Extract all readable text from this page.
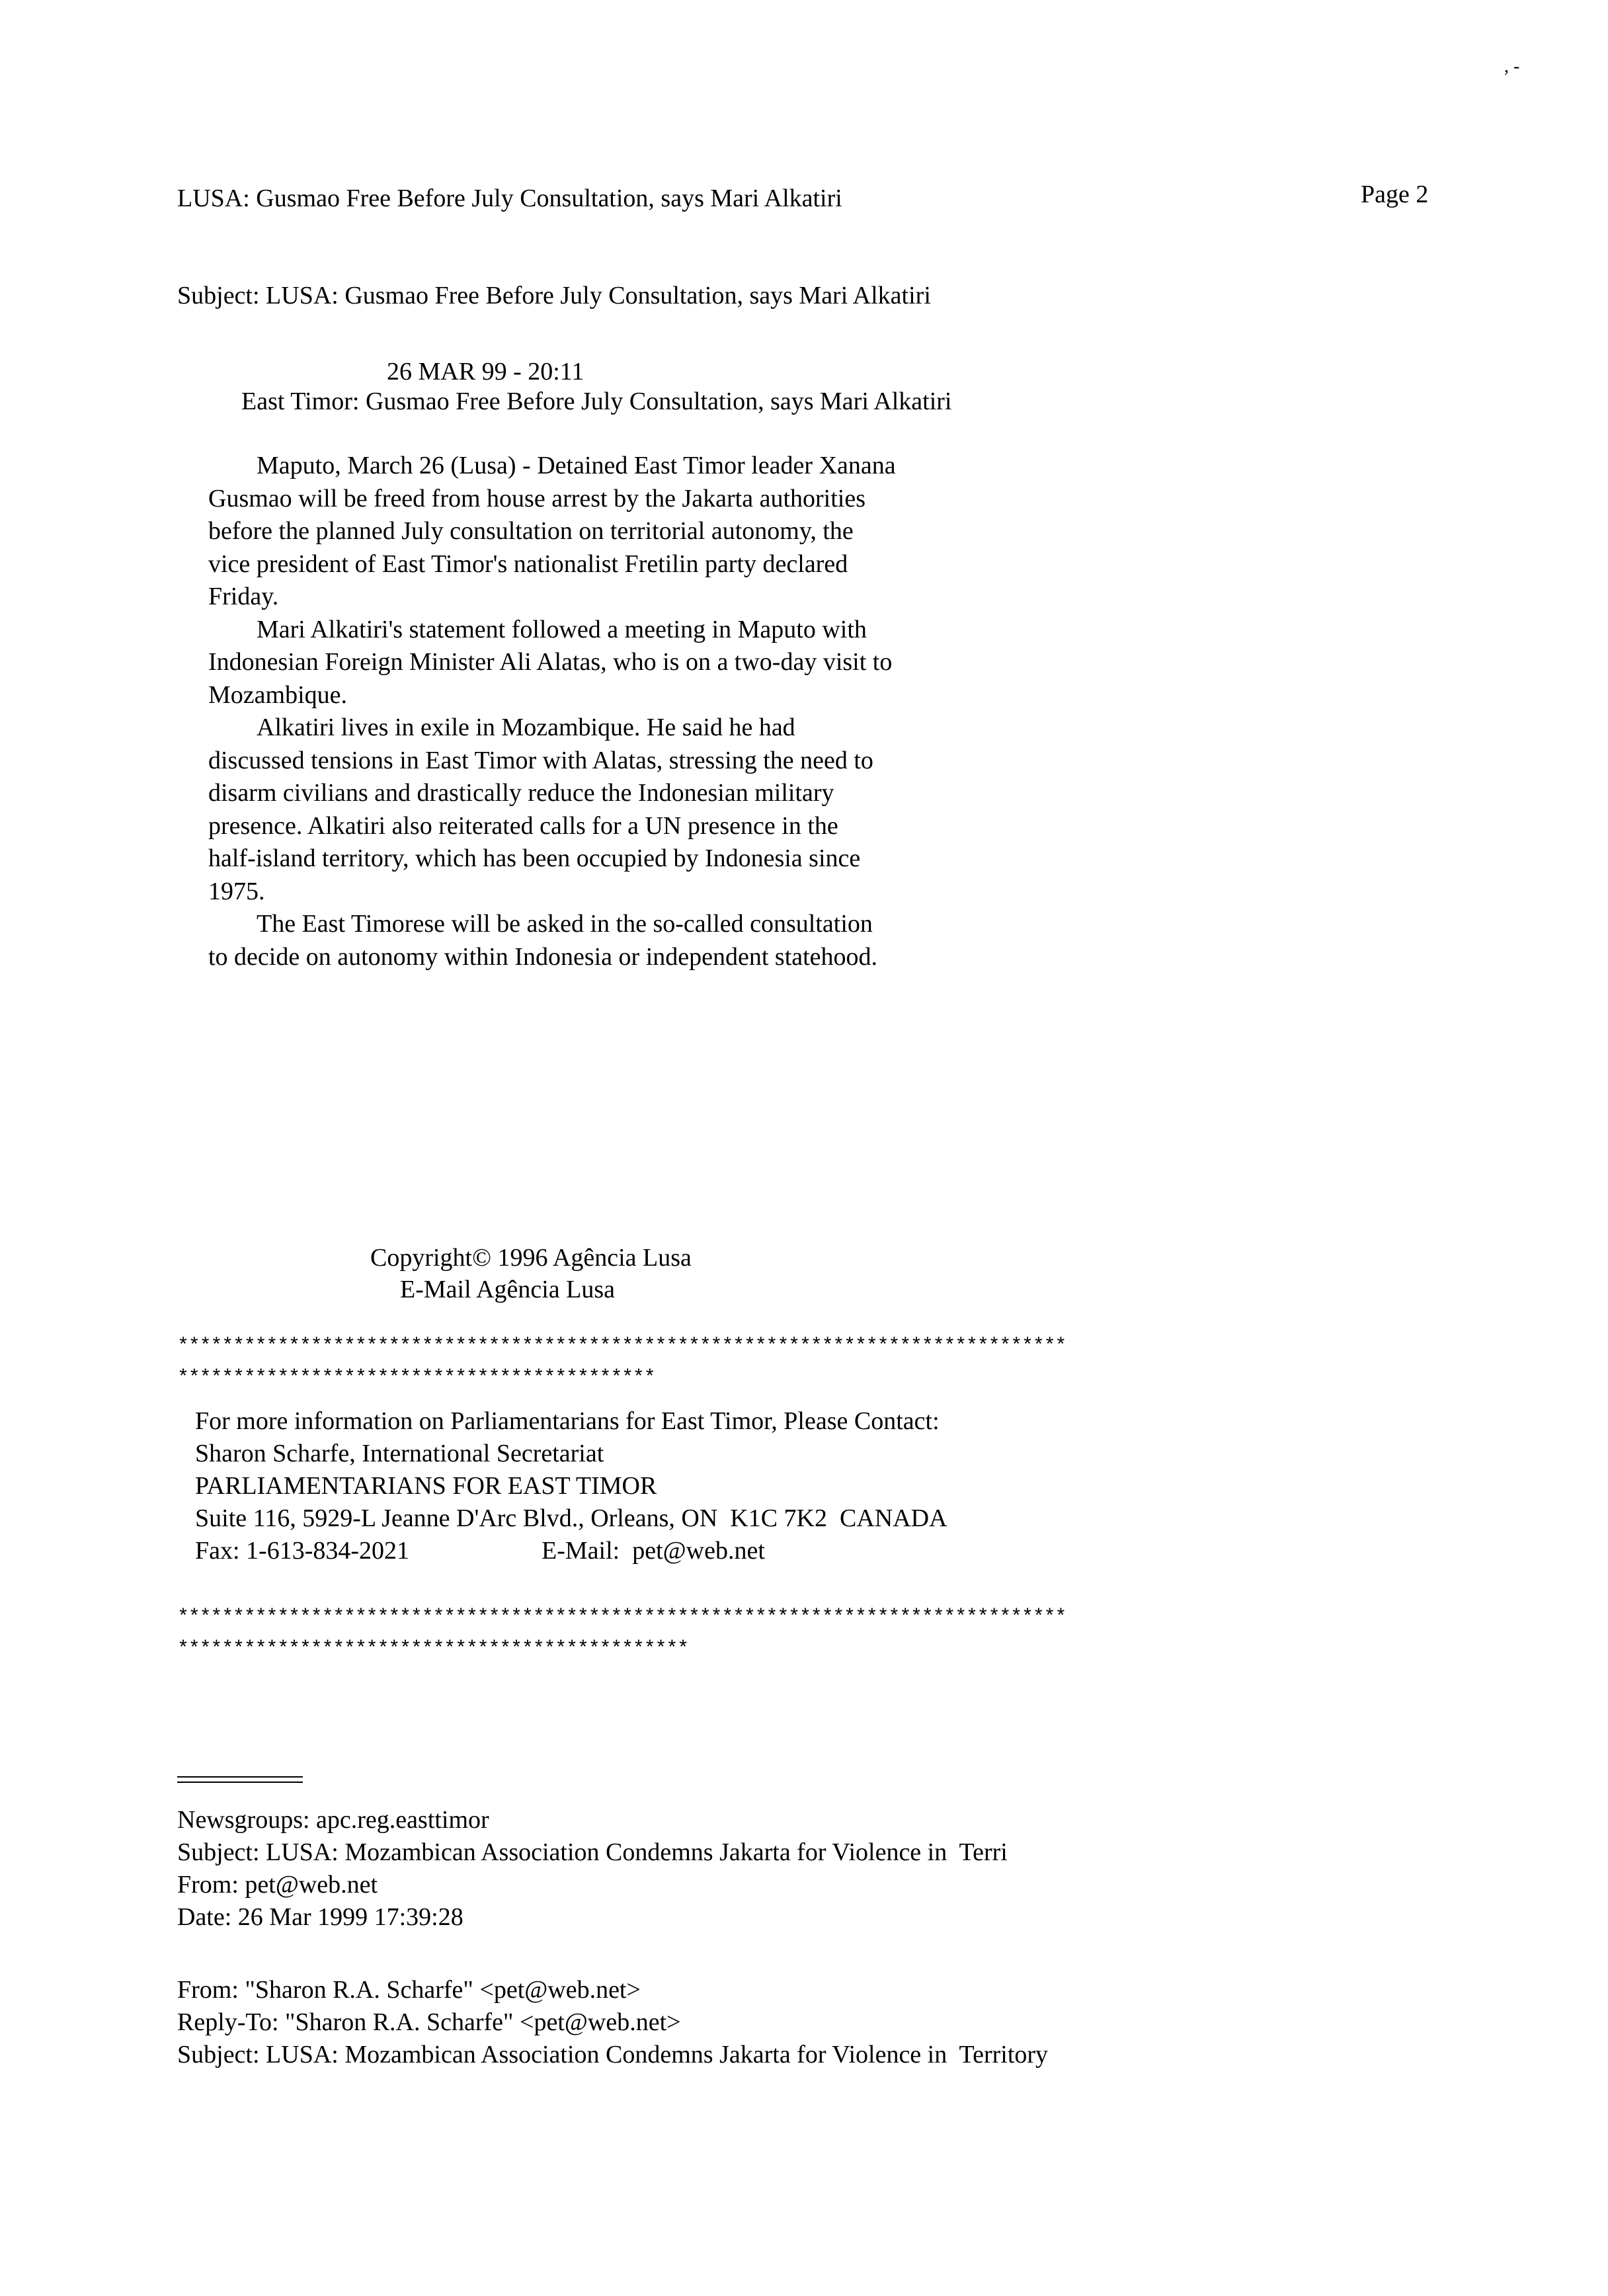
, -
LUSA: Gusmao Free Before July Consultation, says Mari Alkatiri	Page 2
Subject: LUSA: Gusmao Free Before July Consultation, says Mari Alkatiri
26 MAR 99 - 20:11
East Timor: Gusmao Free Before July Consultation, says Mari Alkatiri
Maputo, March 26 (Lusa) - Detained East Timor leader Xanana
Gusmao will be freed from house arrest by the Jakarta authorities
before the planned July consultation on territorial autonomy, the
vice president of East Timor's nationalist Fretilin party declared
Friday.
Mari Alkatiri's statement followed a meeting in Maputo with
Indonesian Foreign Minister Ali Alatas, who is on a two-day visit to
Mozambique.
Alkatiri lives in exile in Mozambique. He said he had
discussed tensions in East Timor with Alatas, stressing the need to
disarm civilians and drastically reduce the Indonesian military
presence. Alkatiri also reiterated calls for a UN presence in the
half-island territory, which has been occupied by Indonesia since
1975.
The East Timorese will be asked in the so-called consultation
to decide on autonomy within Indonesia or independent statehood.
Copyright© 1996 Agência Lusa
E-Mail Agência Lusa
********************************************************************************
*******************************************
For more information on Parliamentarians for East Timor, Please Contact:
Sharon Scharfe, International Secretariat
PARLIAMENTARIANS FOR EAST TIMOR
Suite 116, 5929-L Jeanne D'Arc Blvd., Orleans, ON  K1C 7K2  CANADA
Fax: 1-613-834-2021	E-Mail:  pet@web.net
********************************************************************************
**********************************************
Newsgroups: apc.reg.easttimor
Subject: LUSA: Mozambican Association Condemns Jakarta for Violence in  Terri
From: pet@web.net
Date: 26 Mar 1999 17:39:28
From: "Sharon R.A. Scharfe" <pet@web.net>
Reply-To: "Sharon R.A. Scharfe" <pet@web.net>
Subject: LUSA: Mozambican Association Condemns Jakarta for Violence in  Territory
